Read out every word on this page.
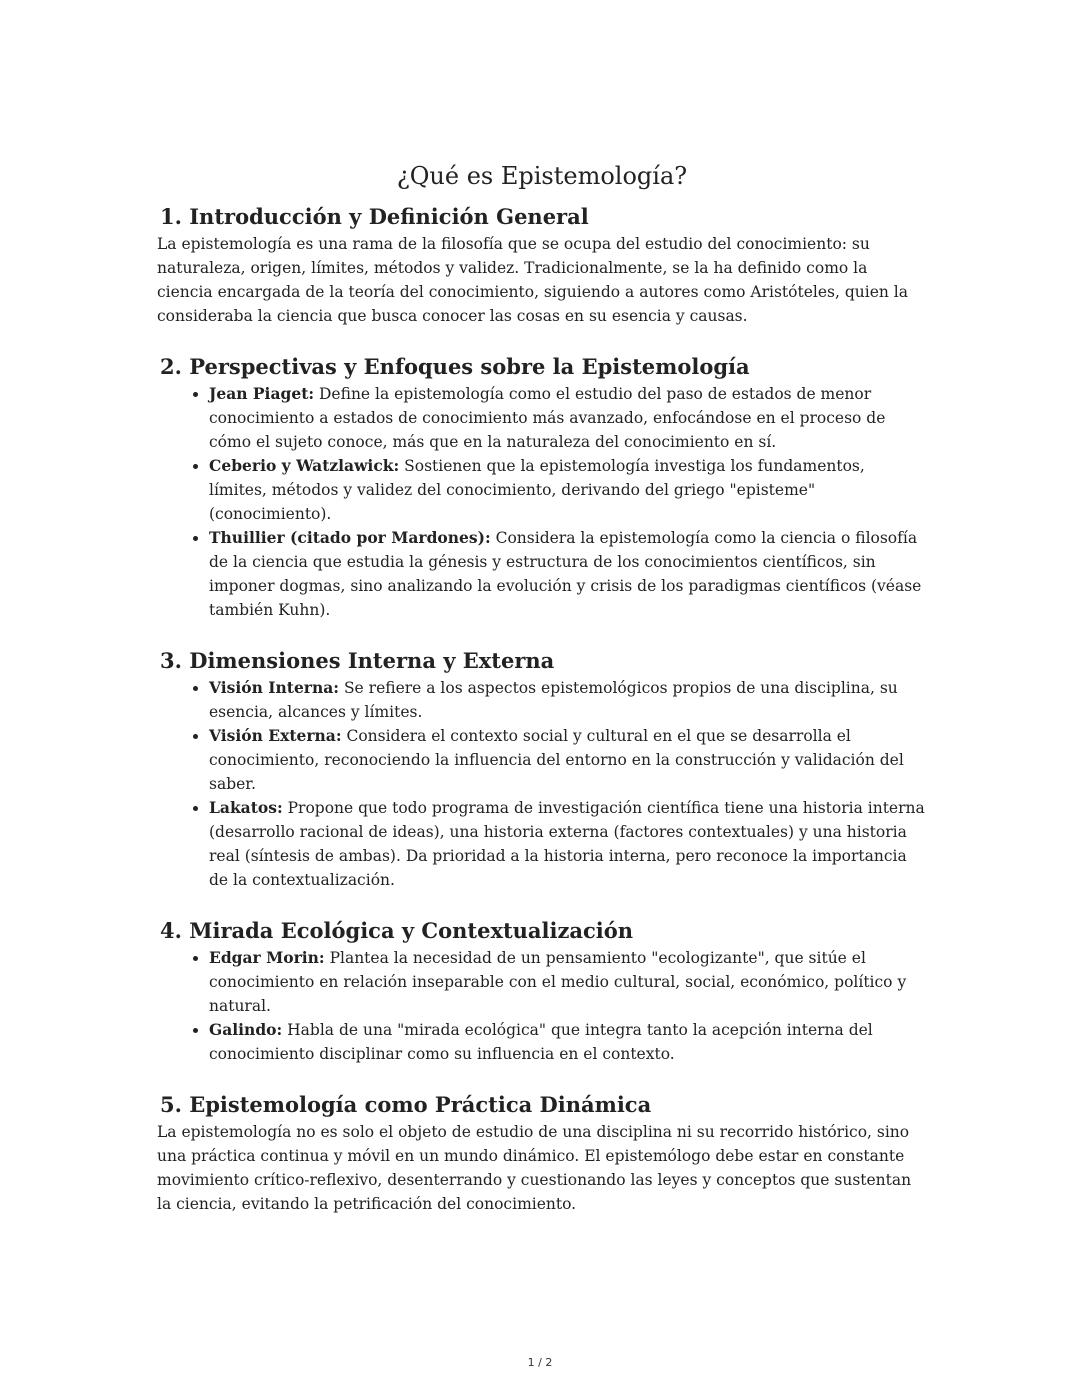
¿Qué es Epistemología?
1. Introducción y Definición General

La epistemología es una rama de la filosofía que se ocupa del estudio del conocimiento: su naturaleza, origen, límites, métodos y validez. Tradicionalmente, se la ha definido como la ciencia encargada de la teoría del conocimiento, siguiendo a autores como Aristóteles, quien la consideraba la ciencia que busca conocer las cosas en su esencia y causas.

2. Perspectivas y Enfoques sobre la Epistemología
• Jean Piaget: Define la epistemología como el estudio del paso de estados de menor conocimiento a estados de conocimiento más avanzado, enfocándose en el proceso de cómo el sujeto conoce, más que en la naturaleza del conocimiento en sí.
• Ceberio y Watzlawick: Sostienen que la epistemología investiga los fundamentos, límites, métodos y validez del conocimiento, derivando del griego "episteme" (conocimiento).
• Thuillier (citado por Mardones): Considera la epistemología como la ciencia o filosofía de la ciencia que estudia la génesis y estructura de los conocimientos científicos, sin imponer dogmas, sino analizando la evolución y crisis de los paradigmas científicos (véase también Kuhn).
3. Dimensiones Interna y Externa
• Visión Interna: Se refiere a los aspectos epistemológicos propios de una disciplina, su esencia, alcances y límites.
• Visión Externa: Considera el contexto social y cultural en el que se desarrolla el conocimiento, reconociendo la influencia del entorno en la construcción y validación del saber.
• Lakatos: Propone que todo programa de investigación científica tiene una historia interna (desarrollo racional de ideas), una historia externa (factores contextuales) y una historia real (síntesis de ambas). Da prioridad a la historia interna, pero reconoce la importancia de la contextualización.
4. Mirada Ecológica y Contextualización
• Edgar Morin: Plantea la necesidad de un pensamiento "ecologizante", que sitúe el conocimiento en relación inseparable con el medio cultural, social, económico, político y natural.
• Galindo: Habla de una "mirada ecológica" que integra tanto la acepción interna del conocimiento disciplinar como su influencia en el contexto.
5. Epistemología como Práctica Dinámica

La epistemología no es solo el objeto de estudio de una disciplina ni su recorrido histórico, sino una práctica continua y móvil en un mundo dinámico. El epistemólogo debe estar en constante movimiento crítico-reflexivo, desenterrando y cuestionando las leyes y conceptos que sustentan la ciencia, evitando la petrificación del conocimiento.

1 / 2
